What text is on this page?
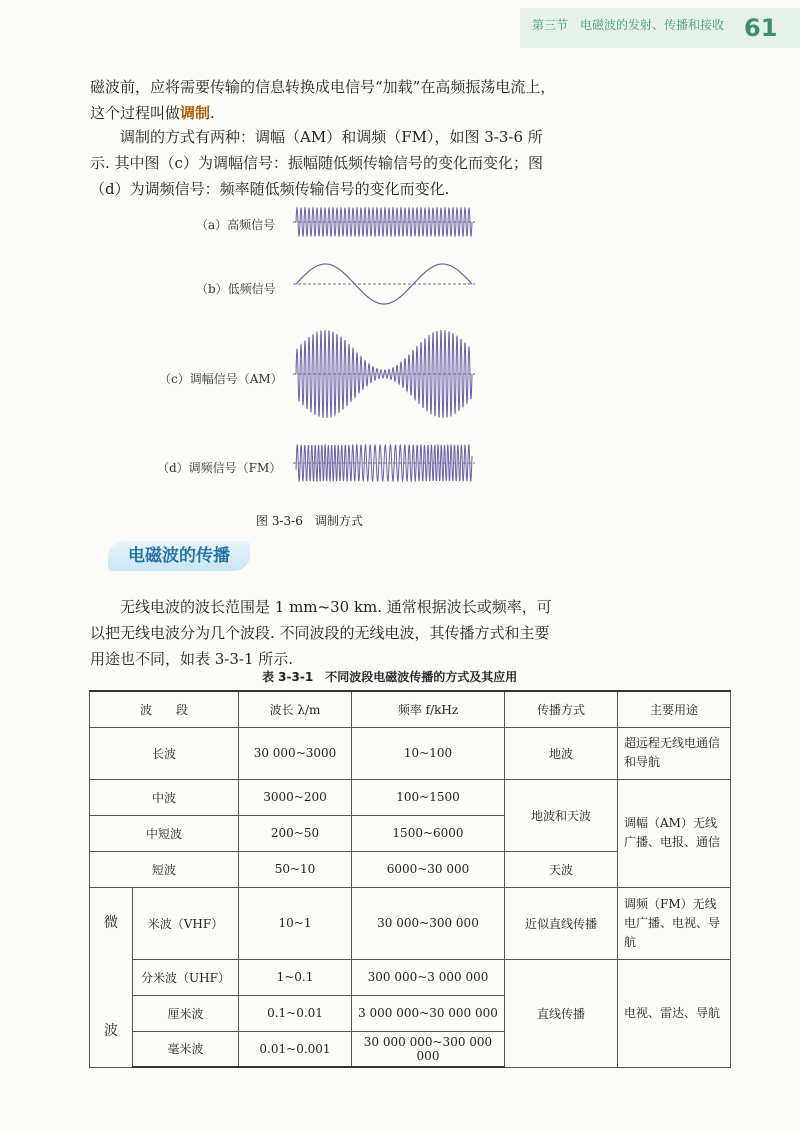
第三节　电磁波的发射、传播和接收 61
磁波前，应将需要传输的信息转换成电信号“加载”在高频振荡电流上，这个过程叫做调制.
调制的方式有两种：调幅（AM）和调频（FM），如图 3-3-6 所示. 其中图（c）为调幅信号：振幅随低频传输信号的变化而变化；图（d）为调频信号：频率随低频传输信号的变化而变化.
（a）高频信号
（b）低频信号
（c）调幅信号（AM）
（d）调频信号（FM）
图 3-3-6　调制方式
电磁波的传播
无线电波的波长范围是 1 mm~30 km. 通常根据波长或频率，可以把无线电波分为几个波段. 不同波段的无线电波，其传播方式和主要用途也不同，如表 3-3-1 所示.
表 3-3-1　不同波段电磁波传播的方式及其应用
波　　段		波长 λ/m	频率 f/kHz	传播方式	主要用途
长波		30 000~3000	10~100	地波	超远程无线电通信和导航
中波		3000~200	100~1500	地波和天波	调幅（AM）无线广播、电报、通信
中短波		200~50	1500~6000		
短波		50~10	6000~30 000	天波	
微

波	米波（VHF）	10~1	30 000~300 000	近似直线传播	调频（FM）无线电广播、电视、导航
	分米波（UHF）	1~0.1	300 000~3 000 000	直线传播	电视、雷达、导航
	厘米波	0.1~0.01	3 000 000~30 000 000		
	毫米波	0.01~0.001	30 000 000~300 000 000		
